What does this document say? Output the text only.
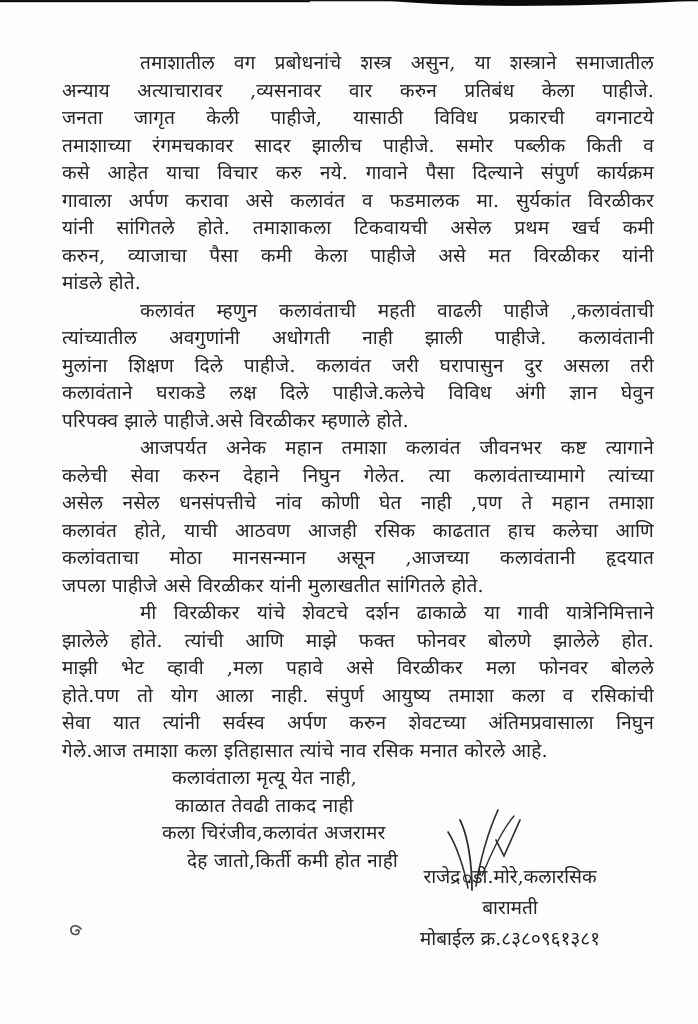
तमाशातील वग प्रबोधनांचे शस्त्र असुन, या शस्त्राने समाजातील
अन्याय अत्याचारावर ,व्यसनावर वार करुन प्रतिबंध केला पाहीजे.
जनता जागृत केली पाहीजे, यासाठी विविध प्रकारची वगनाटये
तमाशाच्या रंगमचकावर सादर झालीच पाहीजे. समोर पब्लीक किती व
कसे आहेत याचा विचार करु नये. गावाने पैसा दिल्याने संपुर्ण कार्यक्रम
गावाला अर्पण करावा असे कलावंत व फडमालक मा. सुर्यकांत विरळीकर
यांनी सांगितले होते. तमाशाकला टिकवायची असेल प्रथम खर्च कमी
करुन, व्याजाचा पैसा कमी केला पाहीजे असे मत विरळीकर यांनी
मांडले होते.
कलावंत म्हणुन कलावंताची महती वाढली पाहीजे ,कलावंताची
त्यांच्यातील अवगुणांनी अधोगती नाही झाली पाहीजे. कलावंतानी
मुलांना शिक्षण दिले पाहीजे. कलावंत जरी घरापासुन दुर असला तरी
कलावंताने घराकडे लक्ष दिले पाहीजे.कलेचे विविध अंगी ज्ञान घेवुन
परिपक्व झाले पाहीजे.असे विरळीकर म्हणाले होते.
आजपर्यत अनेक महान तमाशा कलावंत जीवनभर कष्ट त्यागाने
कलेची सेवा करुन देहाने निघुन गेलेत. त्या कलावंताच्यामागे त्यांच्या
असेल नसेल धनसंपत्तीचे नांव कोणी घेत नाही ,पण ते महान तमाशा
कलावंत होते, याची आठवण आजही रसिक काढतात हाच कलेचा आणि
कलांवताचा मोठा मानसन्मान असून ,आजच्या कलावंतानी हृदयात
जपला पाहीजे असे विरळीकर यांनी मुलाखतीत सांगितले होते.
मी विरळीकर यांचे शेवटचे दर्शन ढाकाळे या गावी यात्रेनिमित्ताने
झालेले होते. त्यांची आणि माझे फक्त फोनवर बोलणे झालेले होत.
माझी भेट व्हावी ,मला पहावे असे विरळीकर मला फोनवर बोलले
होते.पण तो योग आला नाही. संपुर्ण आयुष्य तमाशा कला व रसिकांची
सेवा यात त्यांनी सर्वस्व अर्पण करुन शेवटच्या अंतिमप्रवासाला निघुन
गेले.आज तमाशा कला इतिहासात त्यांचे नाव रसिक मनात कोरले आहे.
कलावंताला मृत्यू येत नाही,
काळात तेवढी ताकद नाही
कला चिरंजीव,कलावंत अजरामर
देह जातो,किर्ती कमी होत नाही
राजेद्र .डी.मोरे,कलारसिक
बारामती
मोबाईल क्र.८३८०९६१३८१
